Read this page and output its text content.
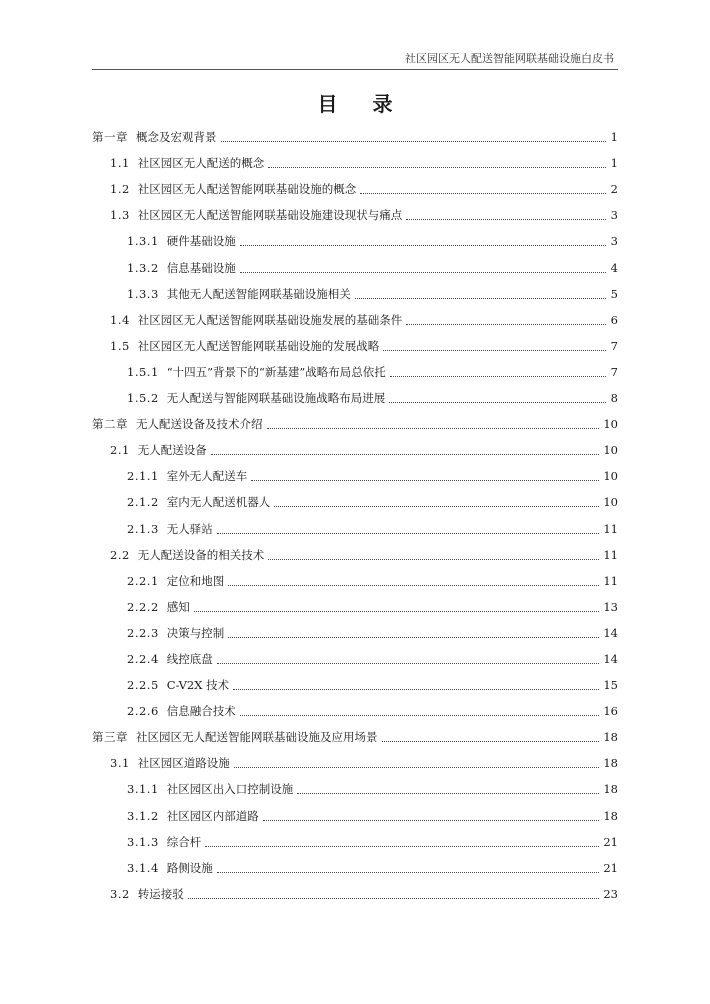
社区园区无人配送智能网联基础设施白皮书
目 录
第一章 概念及宏观背景	1
1.1 社区园区无人配送的概念	1
1.2 社区园区无人配送智能网联基础设施的概念	2
1.3 社区园区无人配送智能网联基础设施建设现状与痛点	3
1.3.1 硬件基础设施	3
1.3.2 信息基础设施	4
1.3.3 其他无人配送智能网联基础设施相关	5
1.4 社区园区无人配送智能网联基础设施发展的基础条件	6
1.5 社区园区无人配送智能网联基础设施的发展战略	7
1.5.1 “十四五”背景下的“新基建”战略布局总依托	7
1.5.2 无人配送与智能网联基础设施战略布局进展	8
第二章 无人配送设备及技术介绍	10
2.1 无人配送设备	10
2.1.1 室外无人配送车	10
2.1.2 室内无人配送机器人	10
2.1.3 无人驿站	11
2.2 无人配送设备的相关技术	11
2.2.1 定位和地图	11
2.2.2 感知	13
2.2.3 决策与控制	14
2.2.4 线控底盘	14
2.2.5 C-V2X 技术	15
2.2.6 信息融合技术	16
第三章 社区园区无人配送智能网联基础设施及应用场景	18
3.1 社区园区道路设施	18
3.1.1 社区园区出入口控制设施	18
3.1.2 社区园区内部道路	18
3.1.3 综合杆	21
3.1.4 路侧设施	21
3.2 转运接驳	23
